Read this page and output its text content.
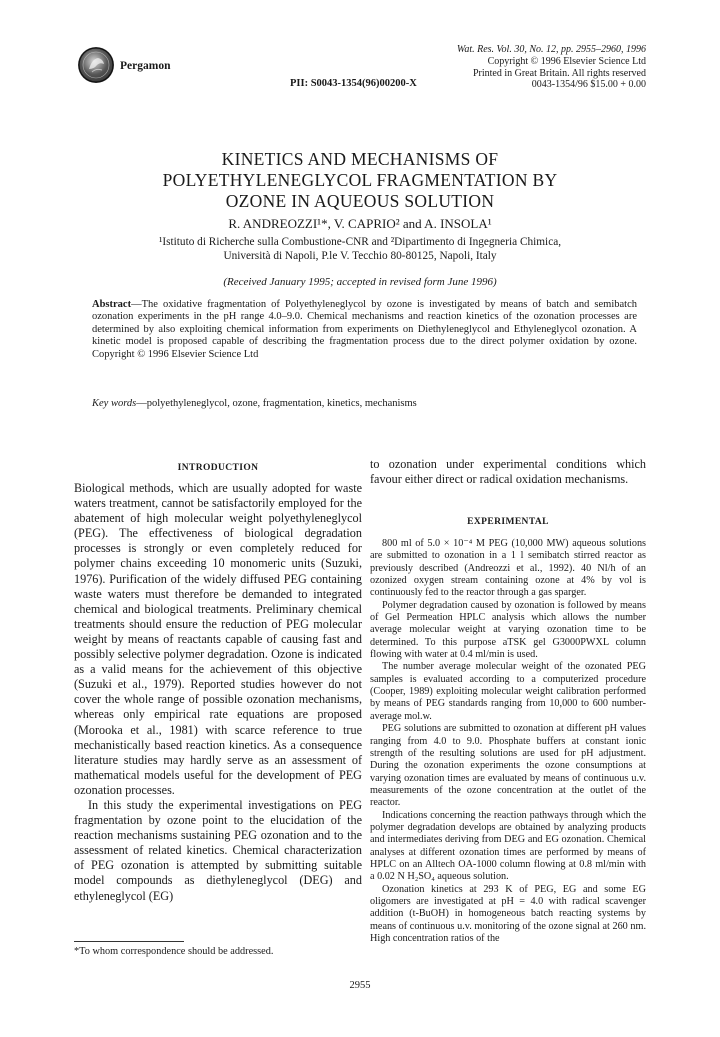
Pergamon
Wat. Res. Vol. 30, No. 12, pp. 2955–2960, 1996
Copyright © 1996 Elsevier Science Ltd
Printed in Great Britain. All rights reserved
0043-1354/96 $15.00 + 0.00
PII: S0043-1354(96)00200-X
KINETICS AND MECHANISMS OF
POLYETHYLENEGLYCOL FRAGMENTATION BY
OZONE IN AQUEOUS SOLUTION
R. ANDREOZZI¹*, V. CAPRIO² and A. INSOLA¹
¹Istituto di Richerche sulla Combustione-CNR and ²Dipartimento di Ingegneria Chimica,
Università di Napoli, P.le V. Tecchio 80-80125, Napoli, Italy
(Received January 1995; accepted in revised form June 1996)
Abstract—The oxidative fragmentation of Polyethyleneglycol by ozone is investigated by means of batch and semibatch ozonation experiments in the pH range 4.0–9.0. Chemical mechanisms and reaction kinetics of the ozonation processes are determined by also exploiting chemical information from experiments on Diethyleneglycol and Ethyleneglycol ozonation. A kinetic model is proposed capable of describing the fragmentation process due to the direct polymer oxidation by ozone. Copyright © 1996 Elsevier Science Ltd
Key words—polyethyleneglycol, ozone, fragmentation, kinetics, mechanisms
INTRODUCTION

Biological methods, which are usually adopted for waste waters treatment, cannot be satisfactorily employed for the abatement of high molecular weight polyethyleneglycol (PEG). The effectiveness of biological degradation processes is strongly or even completely reduced for polymer chains exceeding 10 monomeric units (Suzuki, 1976). Purification of the widely diffused PEG containing waste waters must therefore be demanded to integrated chemical and biological treatments. Preliminary chemical treatments should ensure the reduction of PEG molecular weight by means of reactants capable of causing fast and possibly selective polymer degradation. Ozone is indicated as a valid means for the achievement of this objective (Suzuki et al., 1979). Reported studies however do not cover the whole range of possible ozonation mechanisms, whereas only empirical rate equations are proposed (Morooka et al., 1981) with scarce reference to true mechanistically based reaction kinetics. As a consequence literature studies may hardly serve as an assessment of mathematical models useful for the development of PEG ozonation processes.

In this study the experimental investigations on PEG fragmentation by ozone point to the elucidation of the reaction mechanisms sustaining PEG ozonation and to the assessment of related kinetics. Chemical characterization of PEG ozonation is attempted by submitting suitable model compounds as diethyleneglycol (DEG) and ethyleneglycol (EG)

to ozonation under experimental conditions which favour either direct or radical oxidation mechanisms.

EXPERIMENTAL

800 ml of 5.0 × 10⁻⁴ M PEG (10,000 MW) aqueous solutions are submitted to ozonation in a 1 l semibatch stirred reactor as previously described (Andreozzi et al., 1992). 40 Nl/h of an ozonized oxygen stream containing ozone at 4% by vol is continuously fed to the reactor through a gas sparger.

Polymer degradation caused by ozonation is followed by means of Gel Permeation HPLC analysis which allows the number average molecular weight at varying ozonation time to be determined. To this purpose aTSK gel G3000PWXL column flowing with water at 0.4 ml/min is used.

The number average molecular weight of the ozonated PEG samples is evaluated according to a computerized procedure (Cooper, 1989) exploiting molecular weight calibration performed by means of PEG standards ranging from 10,000 to 600 number-average mol.w.

PEG solutions are submitted to ozonation at different pH values ranging from 4.0 to 9.0. Phosphate buffers at constant ionic strength of the resulting solutions are used for pH adjustment. During the ozonation experiments the ozone consumptions at varying ozonation times are evaluated by means of continuous u.v. measurements of the ozone concentration at the outlet of the reactor.

Indications concerning the reaction pathways through which the polymer degradation develops are obtained by analyzing products and intermediates deriving from DEG and EG ozonation. Chemical analyses at different ozonation times are performed by means of HPLC on an Alltech OA-1000 column flowing at 0.8 ml/min with a 0.02 N H₂SO₄ aqueous solution.

Ozonation kinetics at 293 K of PEG, EG and some EG oligomers are investigated at pH = 4.0 with radical scavenger addition (t-BuOH) in homogeneous batch reacting systems by means of continuous u.v. monitoring of the ozone signal at 260 nm. High concentration ratios of the

*To whom correspondence should be addressed.
2955
